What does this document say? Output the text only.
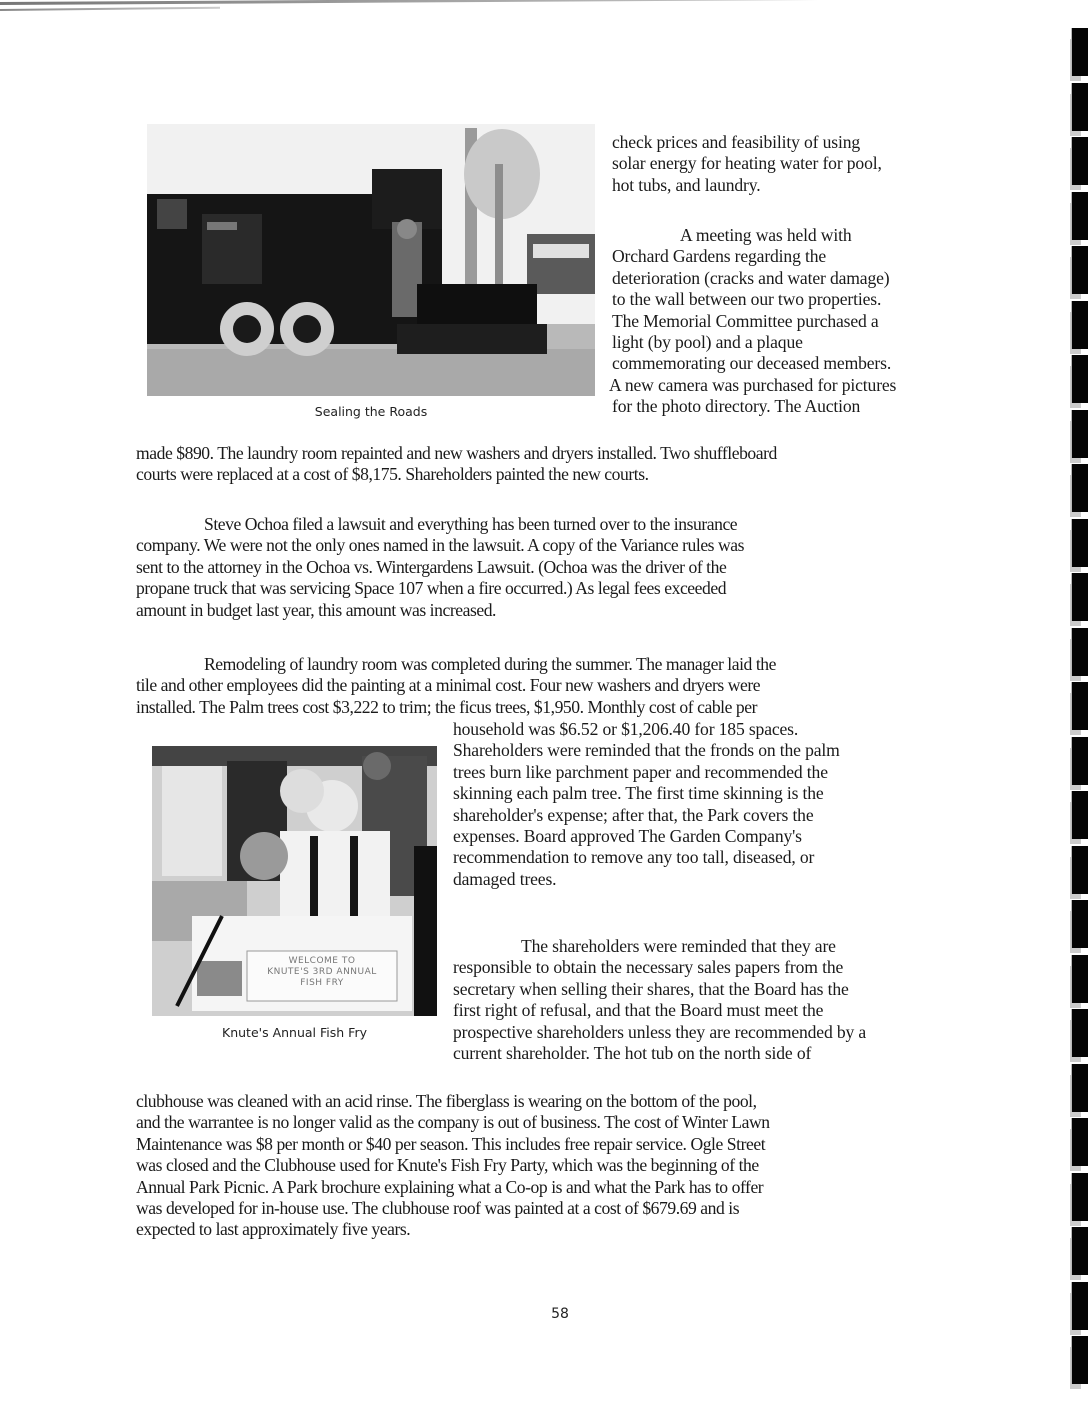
Sealing the Roads
check prices and feasibility of using
solar energy for heating water for pool,
hot tubs, and laundry.
A meeting was held with
Orchard Gardens regarding the
deterioration (cracks and water damage)
to the wall between our two properties.
The Memorial Committee purchased a
light (by pool) and a plaque
commemorating our deceased members.
A new camera was purchased for pictures
for the photo directory. The Auction
made $890. The laundry room repainted and new washers and dryers installed. Two shuffleboard
courts were replaced at a cost of $8,175. Shareholders painted the new courts.
Steve Ochoa filed a lawsuit and everything has been turned over to the insurance
company. We were not the only ones named in the lawsuit. A copy of the Variance rules was
sent to the attorney in the Ochoa vs. Wintergardens Lawsuit. (Ochoa was the driver of the
propane truck that was servicing Space 107 when a fire occurred.) As legal fees exceeded
amount in budget last year, this amount was increased.
Remodeling of laundry room was completed during the summer. The manager laid the
tile and other employees did the painting at a minimal cost. Four new washers and dryers were
installed. The Palm trees cost $3,222 to trim; the ficus trees, $1,950. Monthly cost of cable per
WELCOME TO
KNUTE'S 3RD ANNUAL
FISH FRY
Knute's Annual Fish Fry
household was $6.52 or $1,206.40 for 185 spaces.
Shareholders were reminded that the fronds on the palm
trees burn like parchment paper and recommended the
skinning each palm tree. The first time skinning is the
shareholder's expense; after that, the Park covers the
expenses. Board approved The Garden Company's
recommendation to remove any too tall, diseased, or
damaged trees.
The shareholders were reminded that they are
responsible to obtain the necessary sales papers from the
secretary when selling their shares, that the Board has the
first right of refusal, and that the Board must meet the
prospective shareholders unless they are recommended by a
current shareholder. The hot tub on the north side of
clubhouse was cleaned with an acid rinse. The fiberglass is wearing on the bottom of the pool,
and the warrantee is no longer valid as the company is out of business. The cost of Winter Lawn
Maintenance was $8 per month or $40 per season. This includes free repair service. Ogle Street
was closed and the Clubhouse used for Knute's Fish Fry Party, which was the beginning of the
Annual Park Picnic. A Park brochure explaining what a Co-op is and what the Park has to offer
was developed for in-house use. The clubhouse roof was painted at a cost of $679.69 and is
expected to last approximately five years.
58
